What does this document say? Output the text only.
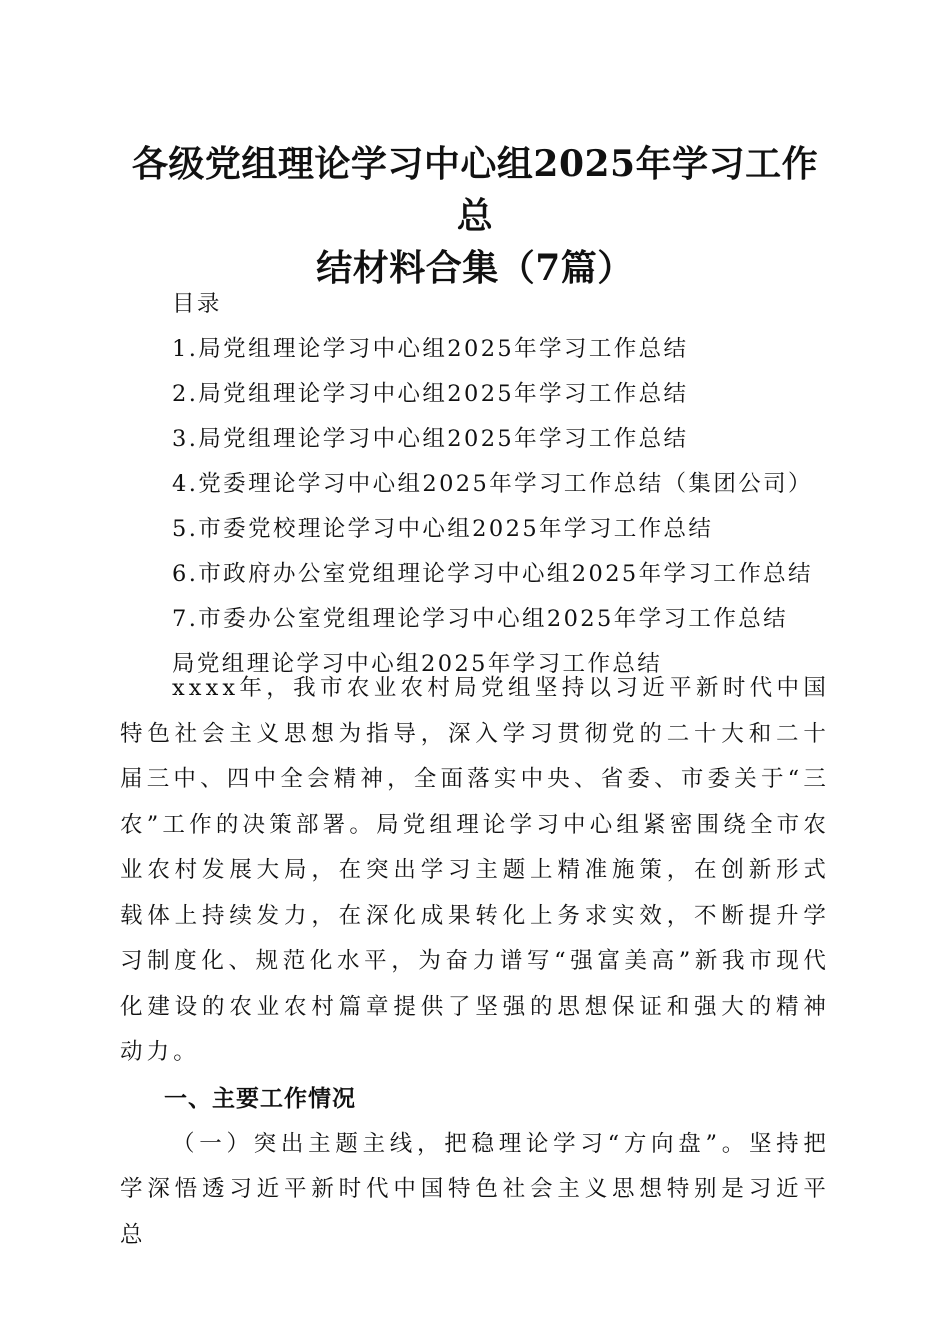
各级党组理论学习中心组2025年学习工作总
结材料合集（7篇）
目录
1.局党组理论学习中心组2025年学习工作总结
2.局党组理论学习中心组2025年学习工作总结
3.局党组理论学习中心组2025年学习工作总结
4.党委理论学习中心组2025年学习工作总结（集团公司）
5.市委党校理论学习中心组2025年学习工作总结
6.市政府办公室党组理论学习中心组2025年学习工作总结
7.市委办公室党组理论学习中心组2025年学习工作总结
局党组理论学习中心组2025年学习工作总结

xxxx年，我市农业农村局党组坚持以习近平新时代中国特色社会主义思想为指导，深入学习贯彻党的二十大和二十届三中、四中全会精神，全面落实中央、省委、市委关于“三农”工作的决策部署。局党组理论学习中心组紧密围绕全市农业农村发展大局，在突出学习主题上精准施策，在创新形式载体上持续发力，在深化成果转化上务求实效，不断提升学习制度化、规范化水平，为奋力谱写“强富美高”新我市现代化建设的农业农村篇章提供了坚强的思想保证和强大的精神动力。

一、主要工作情况

（一）突出主题主线，把稳理论学习“方向盘”。坚持把学深悟透习近平新时代中国特色社会主义思想特别是习近平总
